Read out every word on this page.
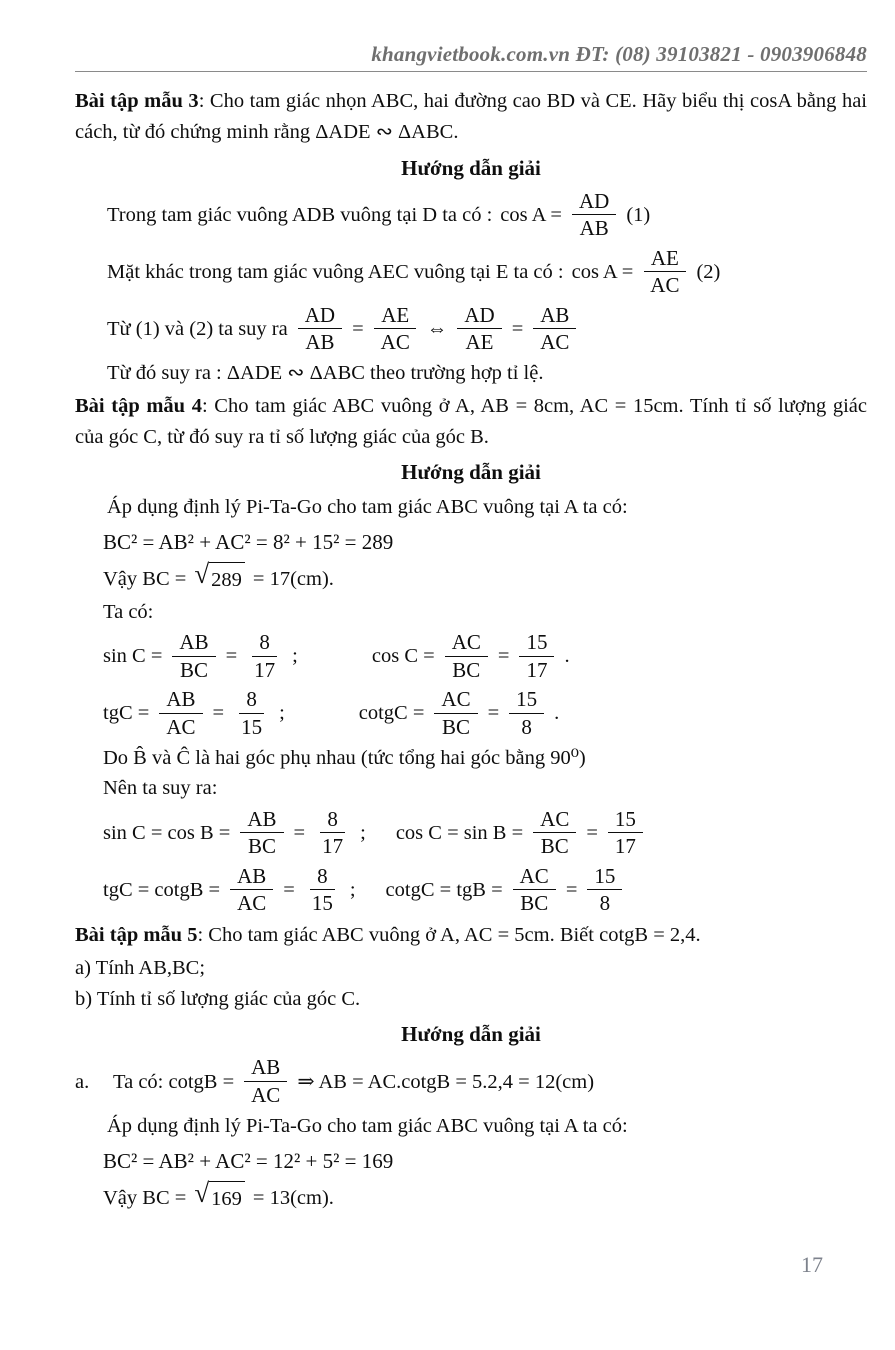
khangvietbook.com.vn ĐT: (08) 39103821 - 0903906848

Bài tập mẫu 3: Cho tam giác nhọn ABC, hai đường cao BD và CE. Hãy biểu thị cosA bằng hai cách, từ đó chứng minh rằng ΔADE ∾ ΔABC.

Hướng dẫn giải
Trong tam giác vuông ADB vuông tại D ta có : $\cos A = \frac{AD}{AB} (1)$
Mặt khác trong tam giác vuông AEC vuông tại E ta có : $\cos A = \frac{AE}{AC} (2)$
Từ (1) và (2) ta suy ra $\frac{AD}{AB} = \frac{AE}{AC}$ ⇔ $\frac{AD}{AE} = \frac{AB}{AC}$

Từ đó suy ra : ΔADE ∾ ΔABC theo trường hợp tỉ lệ.

Bài tập mẫu 4: Cho tam giác ABC vuông ở A, AB = 8cm, AC = 15cm. Tính tỉ số lượng giác của góc C, từ đó suy ra tỉ số lượng giác của góc B.

Hướng dẫn giải

Áp dụng định lý Pi-Ta-Go cho tam giác ABC vuông tại A ta có:

BC² = AB² + AC² = 8² + 15² = 289

Vậy BC = √ 289 = 17(cm).

Ta có:

$\sin C = \frac{AB}{BC} = \frac{8}{17}$ ;	$\cos C = \frac{AC}{BC} = \frac{15}{17}$ .
tgC = $\frac{AB}{AC} = \frac{8}{15}$ ;	cotgC = $\frac{AC}{BC} = \frac{15}{8}$ .

Do B̂ và Ĉ là hai góc phụ nhau (tức tổng hai góc bằng 90⁰)

Nên ta suy ra:

$\sin C = \cos B = \frac{AB}{BC} = \frac{8}{17}$ ; $\cos C = \sin B = \frac{AC}{BC} = \frac{15}{17}$
tgC = cotgB = $\frac{AB}{AC} = \frac{8}{15}$ ; cotgC = tgB = $\frac{AC}{BC} = \frac{15}{8}$

Bài tập mẫu 5: Cho tam giác ABC vuông ở A, AC = 5cm. Biết cotgB = 2,4.

a) Tính AB,BC;

b) Tính tỉ số lượng giác của góc C.

Hướng dẫn giải
a.	Ta có: cotgB = $\frac{AB}{AC}$ ⇒ AB = AC.cotgB = 5.2,4 = 12(cm)

Áp dụng định lý Pi-Ta-Go cho tam giác ABC vuông tại A ta có:

BC² = AB² + AC² = 12² + 5² = 169

Vậy BC = √ 169 = 13(cm).
17
